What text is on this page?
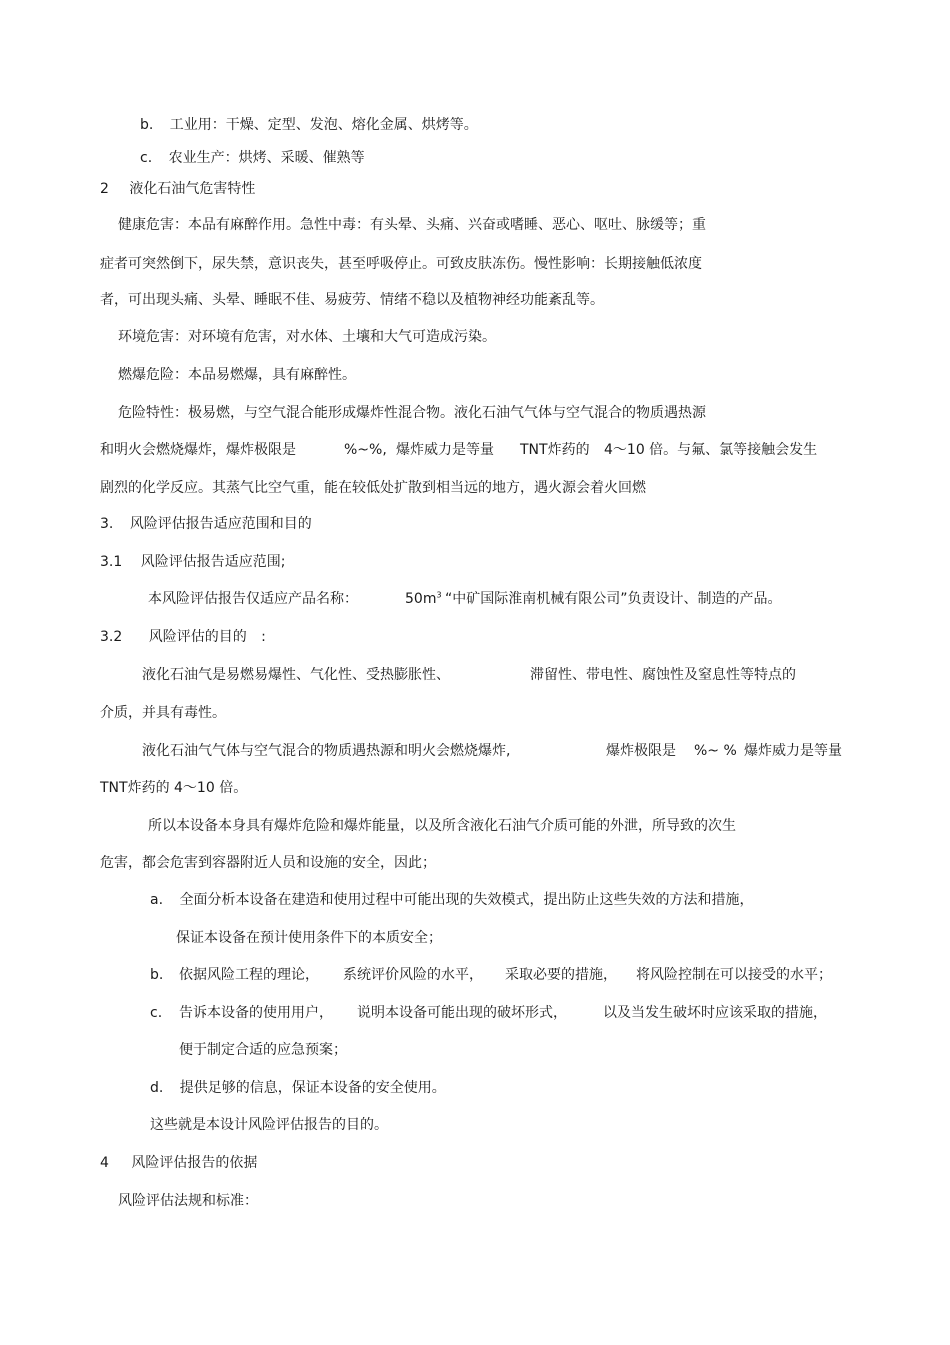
b. 工业用：干燥、定型、发泡、熔化金属、烘烤等。
c. 农业生产：烘烤、采暖、催熟等
2 液化石油气危害特性
健康危害：本品有麻醉作用。急性中毒：有头晕、头痛、兴奋或嗜睡、恶心、呕吐、脉缓等；重
症者可突然倒下，尿失禁，意识丧失，甚至呼吸停止。可致皮肤冻伤。慢性影响：长期接触低浓度
者，可出现头痛、头晕、睡眠不佳、易疲劳、情绪不稳以及植物神经功能紊乱等。
环境危害：对环境有危害，对水体、土壤和大气可造成污染。
燃爆危险：本品易燃爆，具有麻醉性。
危险特性：极易燃，与空气混合能形成爆炸性混合物。液化石油气气体与空气混合的物质遇热源
和明火会燃烧爆炸，爆炸极限是	%~%, 爆炸威力是等量 TNT炸药的 4～10 倍。与氟、氯等接触会发生
剧烈的化学反应。其蒸气比空气重，能在较低处扩散到相当远的地方，遇火源会着火回燃
3. 风险评估报告适应范围和目的
3.1 风险评估报告适应范围;
本风险评估报告仅适应产品名称：	$50m^3$ “中矿国际淮南机械有限公司”负责设计、制造的产品。
3.2 风险评估的目的 :
液化石油气是易燃易爆性、气化性、受热膨胀性、	滞留性、带电性、腐蚀性及窒息性等特点的
介质，并具有毒性。
液化石油气气体与空气混合的物质遇热源和明火会燃烧爆炸,	爆炸极限是 %~ % 爆炸威力是等量
TNT炸药的 4～10 倍。
所以本设备本身具有爆炸危险和爆炸能量，以及所含液化石油气介质可能的外泄，所导致的次生
危害，都会危害到容器附近人员和设施的安全，因此；
a. 全面分析本设备在建造和使用过程中可能出现的失效模式，提出防止这些失效的方法和措施，
保证本设备在预计使用条件下的本质安全；
b. 依据风险工程的理论， 系统评价风险的水平， 采取必要的措施， 将风险控制在可以接受的水平；
c. 告诉本设备的使用用户， 说明本设备可能出现的破坏形式，	以及当发生破坏时应该采取的措施，
便于制定合适的应急预案；
d. 提供足够的信息，保证本设备的安全使用。
这些就是本设计风险评估报告的目的。
4 风险评估报告的依据
风险评估法规和标准：
